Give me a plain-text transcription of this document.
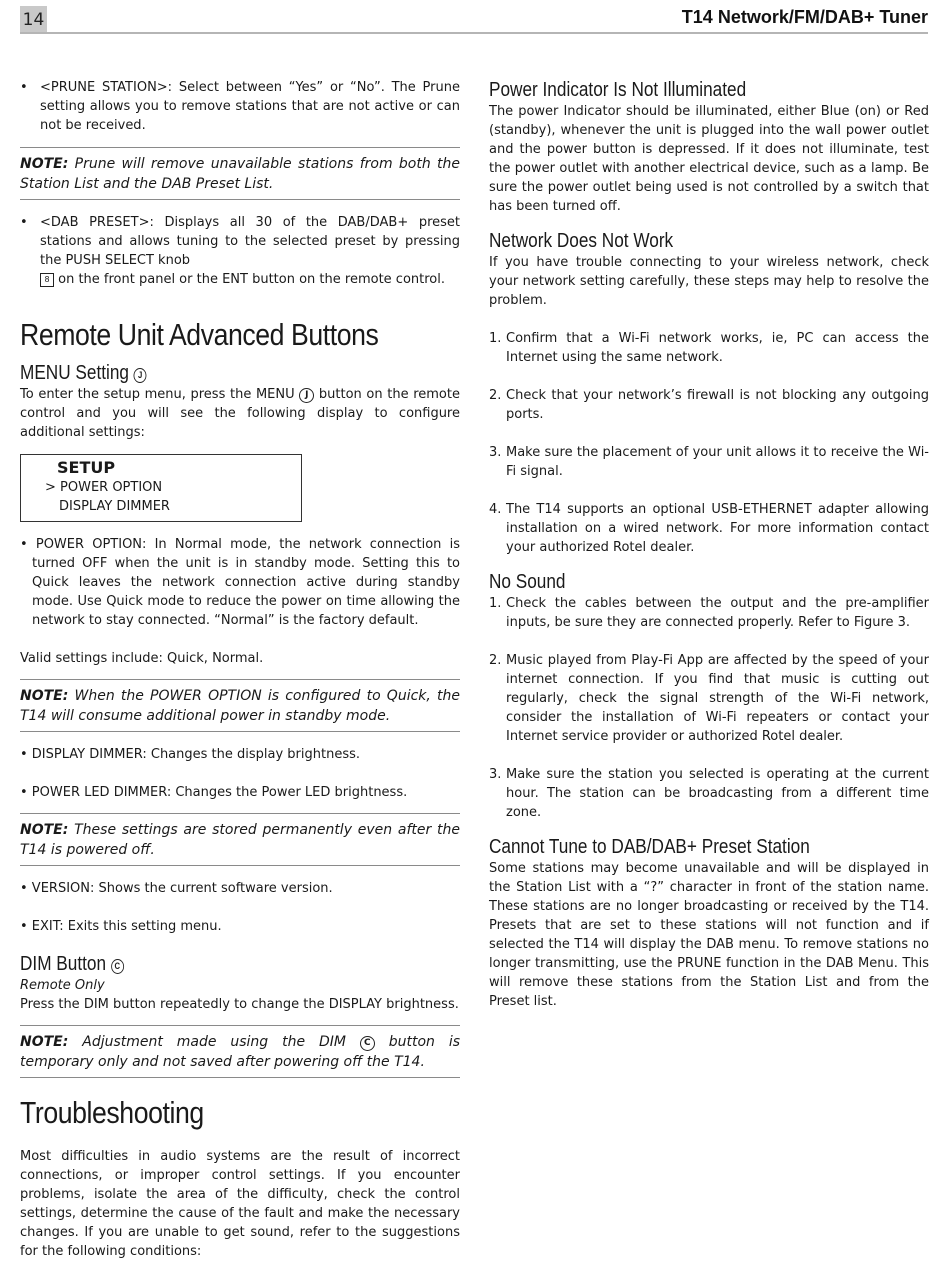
14	T14 Network/FM/DAB+ Tuner

• <PRUNE STATION>: Select between “Yes” or “No”. The Prune setting allows you to remove stations that are not active or can not be received.

NOTE: Prune will remove unavailable stations from both the Station List and the DAB Preset List.

• <DAB PRESET>: Displays all 30 of the DAB/DAB+ preset stations and allows tuning to the selected preset by pressing the PUSH SELECT knob
8 on the front panel or the ENT button on the remote control.

Remote Unit Advanced Buttons
MENU Setting J

To enter the setup menu, press the MENU J button on the remote control and you will see the following display to configure additional settings:

SETUP
> POWER OPTION
DISPLAY DIMMER

• POWER OPTION: In Normal mode, the network connection is turned OFF when the unit is in standby mode. Setting this to Quick leaves the network connection active during standby mode. Use Quick mode to reduce the power on time allowing the network to stay connected. “Normal” is the factory default.

Valid settings include: Quick, Normal.

NOTE: When the POWER OPTION is configured to Quick, the T14 will consume additional power in standby mode.

• DISPLAY DIMMER: Changes the display brightness.

• POWER LED DIMMER: Changes the Power LED brightness.

NOTE: These settings are stored permanently even after the T14 is powered off.

• VERSION: Shows the current software version.

• EXIT: Exits this setting menu.

DIM Button C

Remote Only

Press the DIM button repeatedly to change the DISPLAY brightness.

NOTE: Adjustment made using the DIM C button is temporary only and not saved after powering off the T14.
Troubleshooting

Most difficulties in audio systems are the result of incorrect connections, or improper control settings. If you encounter problems, isolate the area of the difficulty, check the control settings, determine the cause of the fault and make the necessary changes. If you are unable to get sound, refer to the suggestions for the following conditions:

Power Indicator Is Not Illuminated

The power Indicator should be illuminated, either Blue (on) or Red (standby), whenever the unit is plugged into the wall power outlet and the power button is depressed. If it does not illuminate, test the power outlet with another electrical device, such as a lamp. Be sure the power outlet being used is not controlled by a switch that has been turned off.

Network Does Not Work

If you have trouble connecting to your wireless network, check your network setting carefully, these steps may help to resolve the problem.

1. Confirm that a Wi-Fi network works, ie, PC can access the Internet using the same network.

2. Check that your network’s firewall is not blocking any outgoing ports.

3. Make sure the placement of your unit allows it to receive the Wi-Fi signal.

4. The T14 supports an optional USB-ETHERNET adapter allowing installation on a wired network. For more information contact your authorized Rotel dealer.

No Sound

1. Check the cables between the output and the pre-amplifier inputs, be sure they are connected properly. Refer to Figure 3.

2. Music played from Play-Fi App are affected by the speed of your internet connection. If you find that music is cutting out regularly, check the signal strength of the Wi-Fi network, consider the installation of Wi-Fi repeaters or contact your Internet service provider or authorized Rotel dealer.

3. Make sure the station you selected is operating at the current hour. The station can be broadcasting from a different time zone.

Cannot Tune to DAB/DAB+ Preset Station

Some stations may become unavailable and will be displayed in the Station List with a “?” character in front of the station name. These stations are no longer broadcasting or received by the T14. Presets that are set to these stations will not function and if selected the T14 will display the DAB menu. To remove stations no longer transmitting, use the PRUNE function in the DAB Menu. This will remove these stations from the Station List and from the Preset list.
